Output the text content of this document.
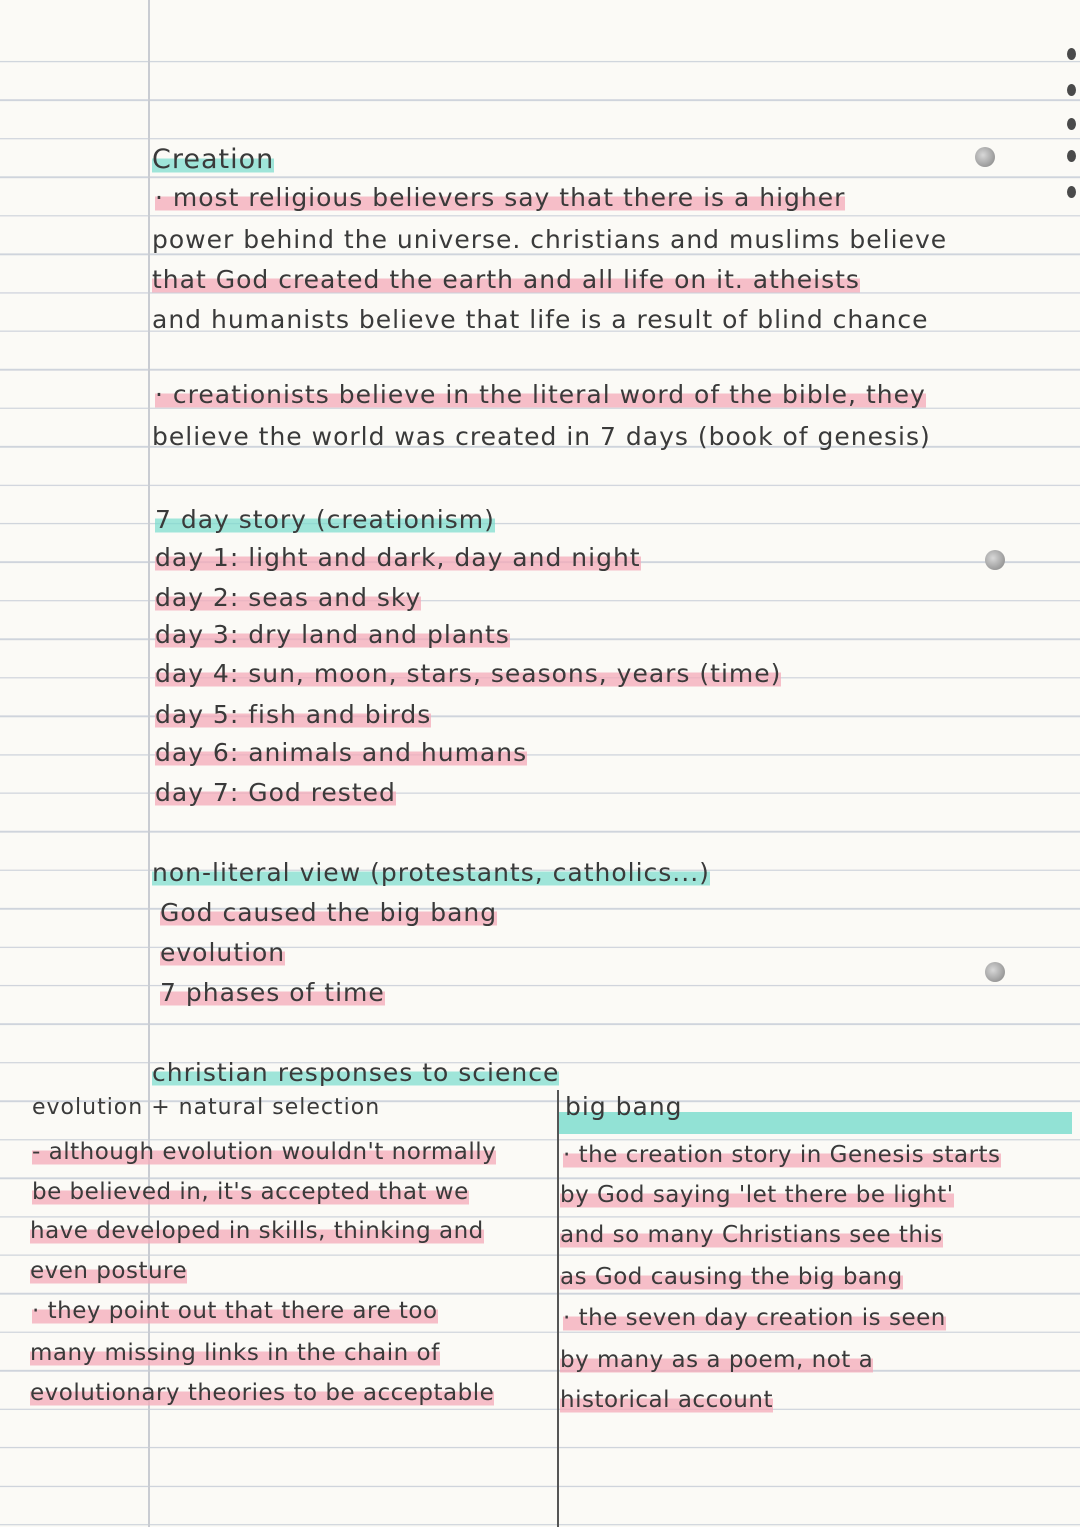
Creation
· most religious believers say that there is a higher
power behind the universe. christians and muslims believe
that God created the earth and all life on it. atheists
and humanists believe that life is a result of blind chance
· creationists believe in the literal word of the bible, they
believe the world was created in 7 days (book of genesis)
7 day story (creationism)
day 1: light and dark, day and night
day 2: seas and sky
day 3: dry land and plants
day 4: sun, moon, stars, seasons, years (time)
day 5: fish and birds
day 6: animals and humans
day 7: God rested
non-literal view (protestants, catholics...)
God caused the big bang
evolution
7 phases of time
christian responses to science
evolution + natural selection	big bang
- although evolution wouldn't normally
be believed in, it's accepted that we
have developed in skills, thinking and
even posture
· they point out that there are too
many missing links in the chain of
evolutionary theories to be acceptable
· the creation story in Genesis starts
by God saying 'let there be light'
and so many Christians see this
as God causing the big bang
· the seven day creation is seen
by many as a poem, not a
historical account
